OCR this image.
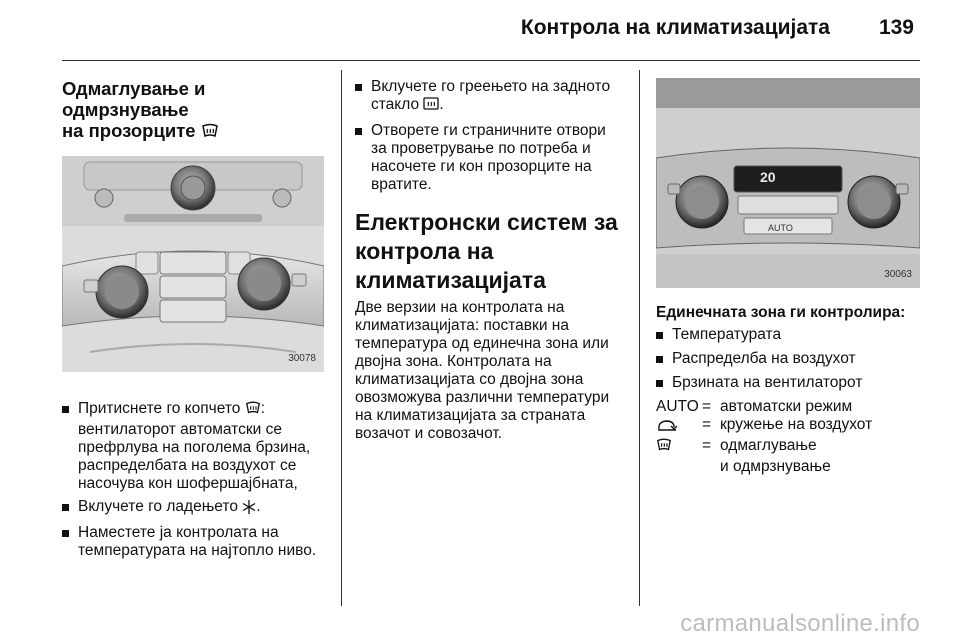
Контрола на климатизацијата 139
Одмаглување и одмрзнување
на прозорците
30078

Притиснете го копчето : вентилаторот автоматски се префрлува на поголема брзина, распределбата на воздухот се насочува кон шофершајбната,

Вклучете го ладењето .

Наместете ја контролата на температурата на најтопло ниво.

Вклучете го греењето на задното стакло .

Отворете ги страничните отвори за проветрување по потреба и насочете ги кон прозорците на вратите.

Електронски систем за
контрола на
климатизацијата

Две верзии на контролата на климатизацијата: поставки на температура од единечна зона или двојна зона. Контролата на климатизацијата со двојна зона овозможува различни температури на климатизацијата за страната возачот и совозачот.

20
AUTO
30063
Единечната зона ги контролира:

Температурата

Распределба на воздухот

Брзината на вентилаторот

AUTO = автоматски режим
= кружење на воздухот
= одмаглување
и одмрзнување
carmanualsonline.info
